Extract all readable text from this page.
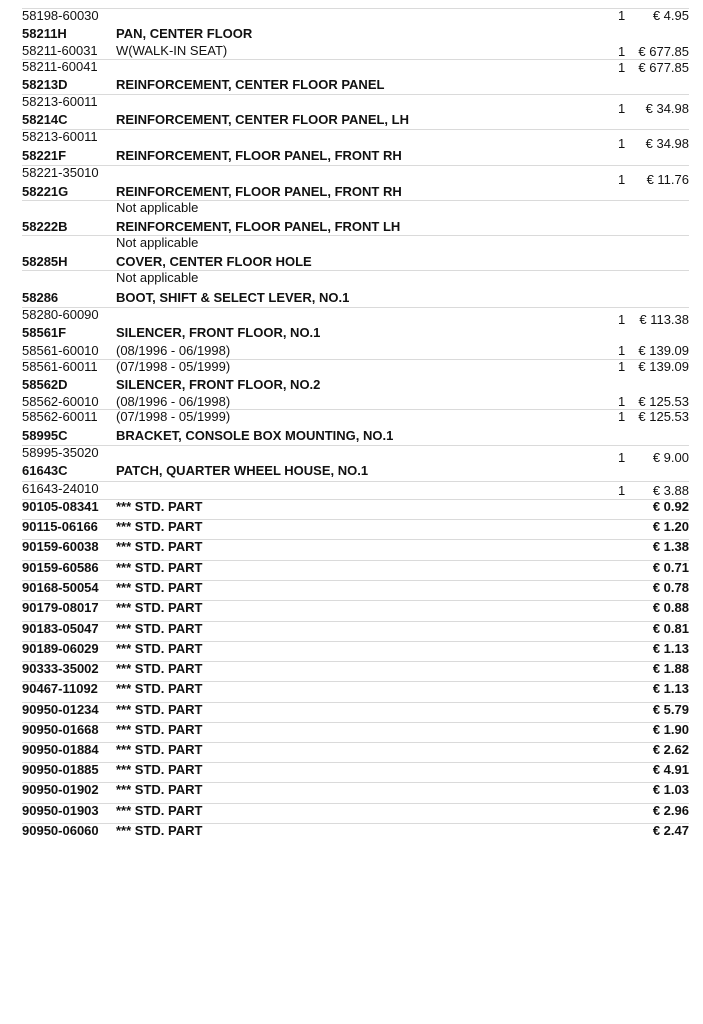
58198-60030	1 € 4.95
58211H	PAN, CENTER FLOOR
58211-60031 W(WALK-IN SEAT)	1 € 677.85
58211-60041	1 € 677.85
58213D	REINFORCEMENT, CENTER FLOOR PANEL
58213-60011	1 € 34.98
58214C	REINFORCEMENT, CENTER FLOOR PANEL, LH
58213-60011	1 € 34.98
58221F	REINFORCEMENT, FLOOR PANEL, FRONT RH
58221-35010	1 € 11.76
58221G	REINFORCEMENT, FLOOR PANEL, FRONT RH
Not applicable
58222B	REINFORCEMENT, FLOOR PANEL, FRONT LH
Not applicable
58285H	COVER, CENTER FLOOR HOLE
Not applicable
58286	BOOT, SHIFT & SELECT LEVER, NO.1
58280-60090	1 € 113.38
58561F	SILENCER, FRONT FLOOR, NO.1
58561-60010 (08/1996 - 06/1998)	1 € 139.09
58561-60011 (07/1998 - 05/1999)	1 € 139.09
58562D	SILENCER, FRONT FLOOR, NO.2
58562-60010 (08/1996 - 06/1998)	1 € 125.53
58562-60011 (07/1998 - 05/1999)	1 € 125.53
58995C	BRACKET, CONSOLE BOX MOUNTING, NO.1
58995-35020	1 € 9.00
61643C	PATCH, QUARTER WHEEL HOUSE, NO.1
61643-24010	1 € 3.88
90105-08341 *** STD. PART	€ 0.92
90115-06166 *** STD. PART	€ 1.20
90159-60038 *** STD. PART	€ 1.38
90159-60586 *** STD. PART	€ 0.71
90168-50054 *** STD. PART	€ 0.78
90179-08017 *** STD. PART	€ 0.88
90183-05047 *** STD. PART	€ 0.81
90189-06029 *** STD. PART	€ 1.13
90333-35002 *** STD. PART	€ 1.88
90467-11092 *** STD. PART	€ 1.13
90950-01234 *** STD. PART	€ 5.79
90950-01668 *** STD. PART	€ 1.90
90950-01884 *** STD. PART	€ 2.62
90950-01885 *** STD. PART	€ 4.91
90950-01902 *** STD. PART	€ 1.03
90950-01903 *** STD. PART	€ 2.96
90950-06060 *** STD. PART	€ 2.47
